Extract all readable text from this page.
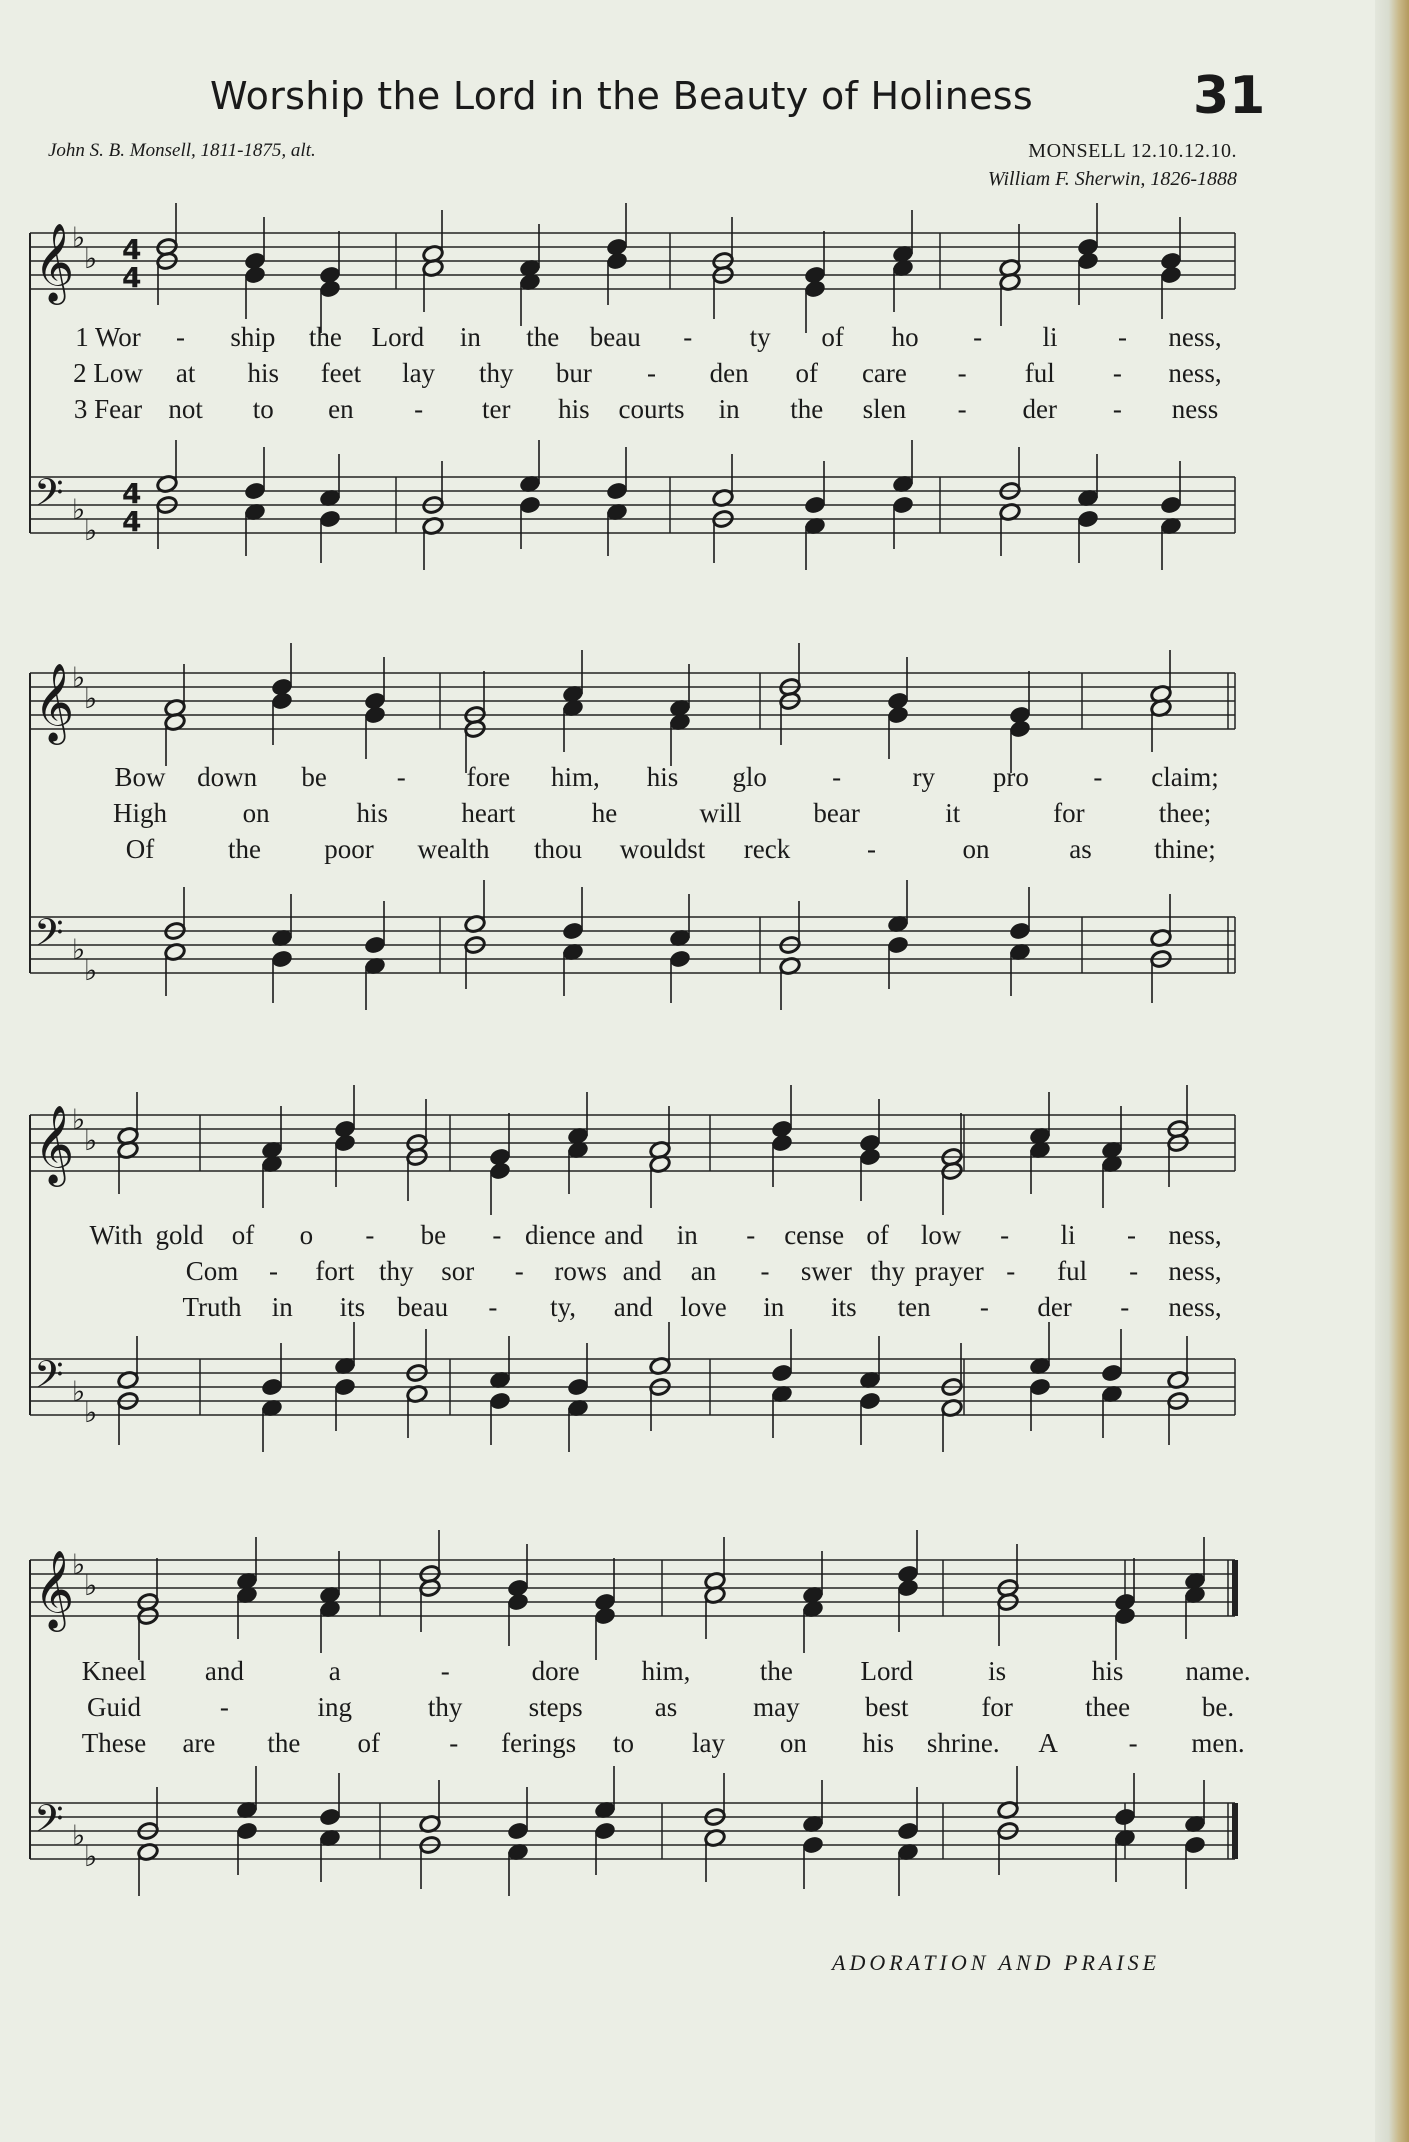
Worship the Lord in the Beauty of Holiness	31
John S. B. Monsell, 1811-1875, alt.	MONSELL 12.10.12.10.
William F. Sherwin, 1826-1888
𝄞
𝄢
♭
♭
♭
♭
4
4
4
4
𝄞
𝄢
♭
♭
♭
♭
𝄞
𝄢
♭
♭
♭
♭
𝄞
𝄢
♭
♭
♭
♭
1 Wor - ship the Lord in the beau - ty of ho - li - ness,
2 Low at his feet lay thy bur - den of care - ful - ness,
3 Fear not to en - ter his courts in the slen - der - ness
Bow down be	- fore him, his glo -	ry pro - claim;
High	on	his	heart	he	will	bear	it	for	thee;
Of	the poor wealth thou wouldst reck	-	on	as thine;
With gold of o - be - dience and in - cense of low - li - ness,
Com - fort thy sor - rows and an - swer thy prayer - ful - ness,
Truth in its beau - ty, and love in its ten - der - ness,
Kneel and	a	-	dore him,	the	Lord	is	his name.
Guid	-	ing	thy steps	as	may best	for	thee	be.
These are the of	- ferings to lay on his shrine. A	- men.
ADORATION AND PRAISE
